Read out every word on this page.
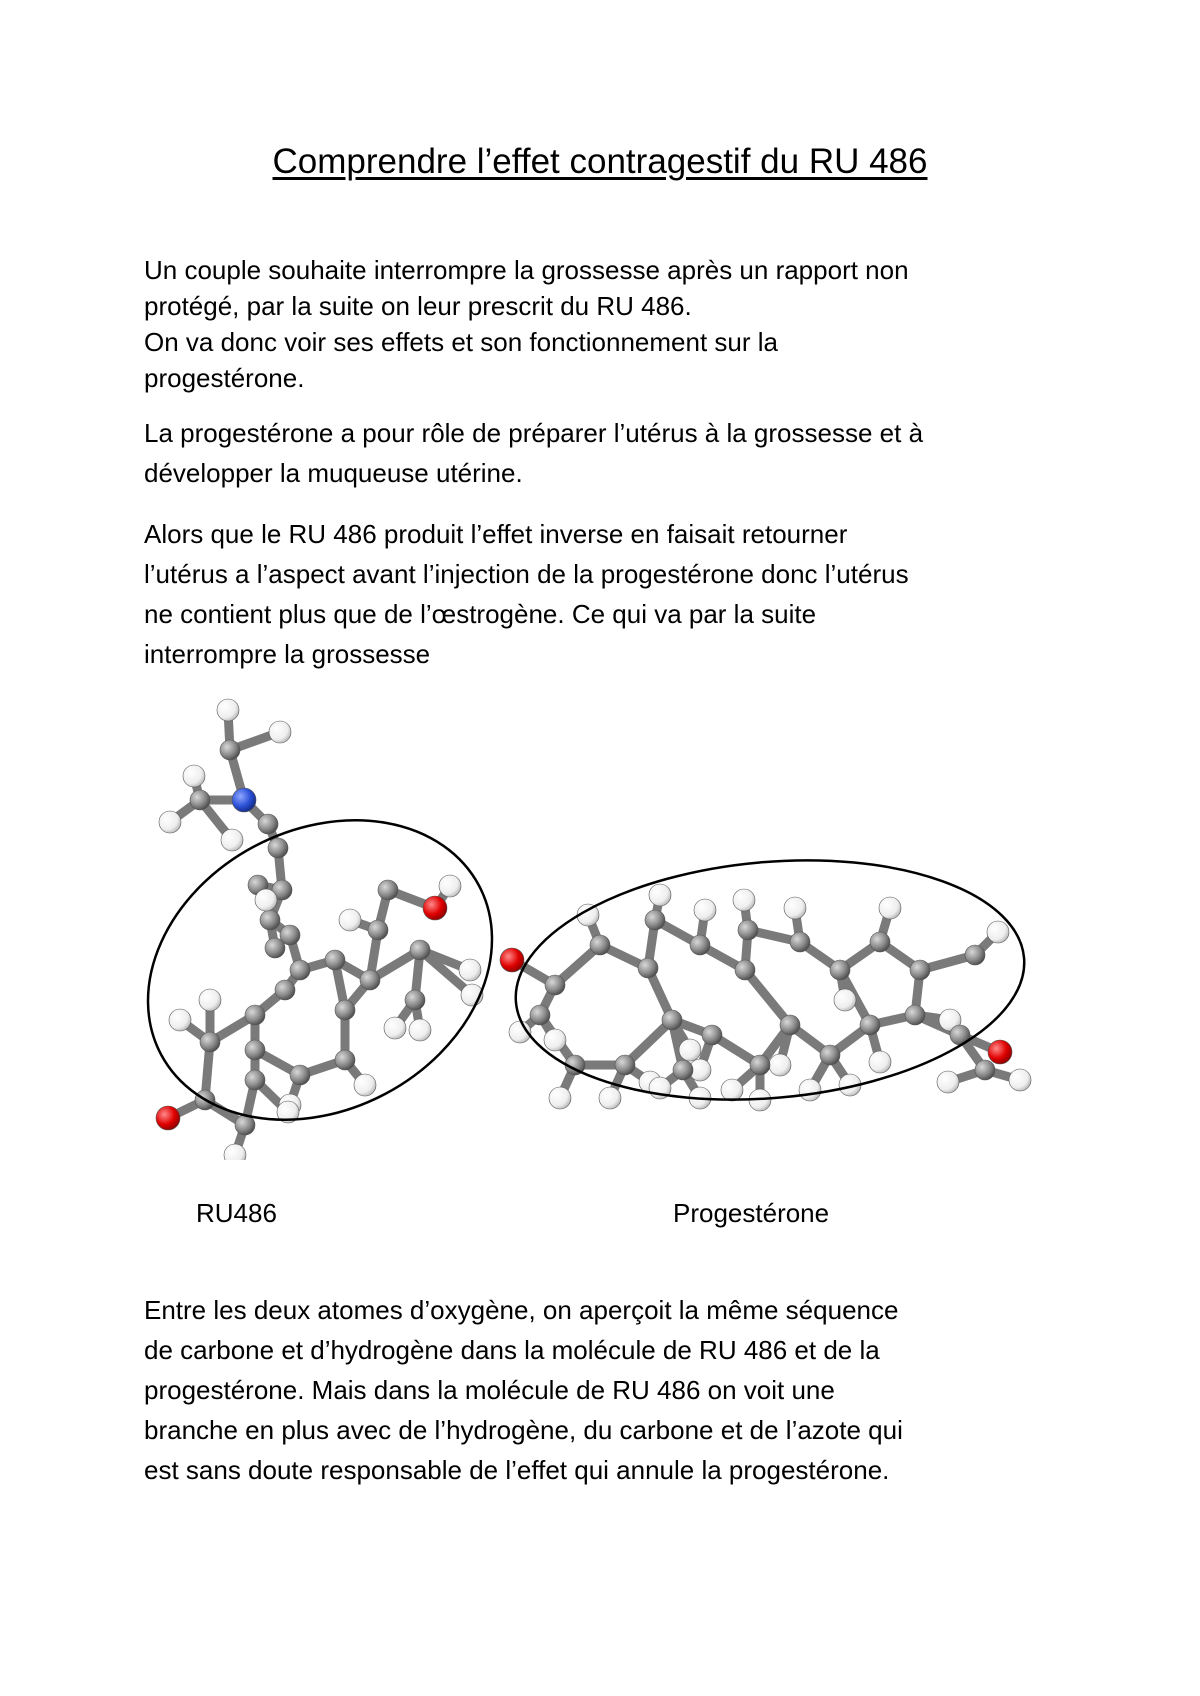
Comprendre l’effet contragestif du RU 486

Un couple souhaite interrompre la grossesse après un rapport non
protégé, par la suite on leur prescrit du RU 486.
On va donc voir ses effets et son fonctionnement sur la
progestérone.

La progestérone a pour rôle de préparer l’utérus à la grossesse et à
développer la muqueuse utérine.

Alors que le RU 486 produit l’effet inverse en faisait retourner
l’utérus a l’aspect avant l’injection de la progestérone donc l’utérus
ne contient plus que de l’œstrogène. Ce qui va par la suite
interrompre la grossesse

RU486	Progestérone

Entre les deux atomes d’oxygène, on aperçoit la même séquence
de carbone et d’hydrogène dans la molécule de RU 486 et de la
progestérone. Mais dans la molécule de RU 486 on voit une
branche en plus avec de l’hydrogène, du carbone et de l’azote qui
est sans doute responsable de l’effet qui annule la progestérone.
